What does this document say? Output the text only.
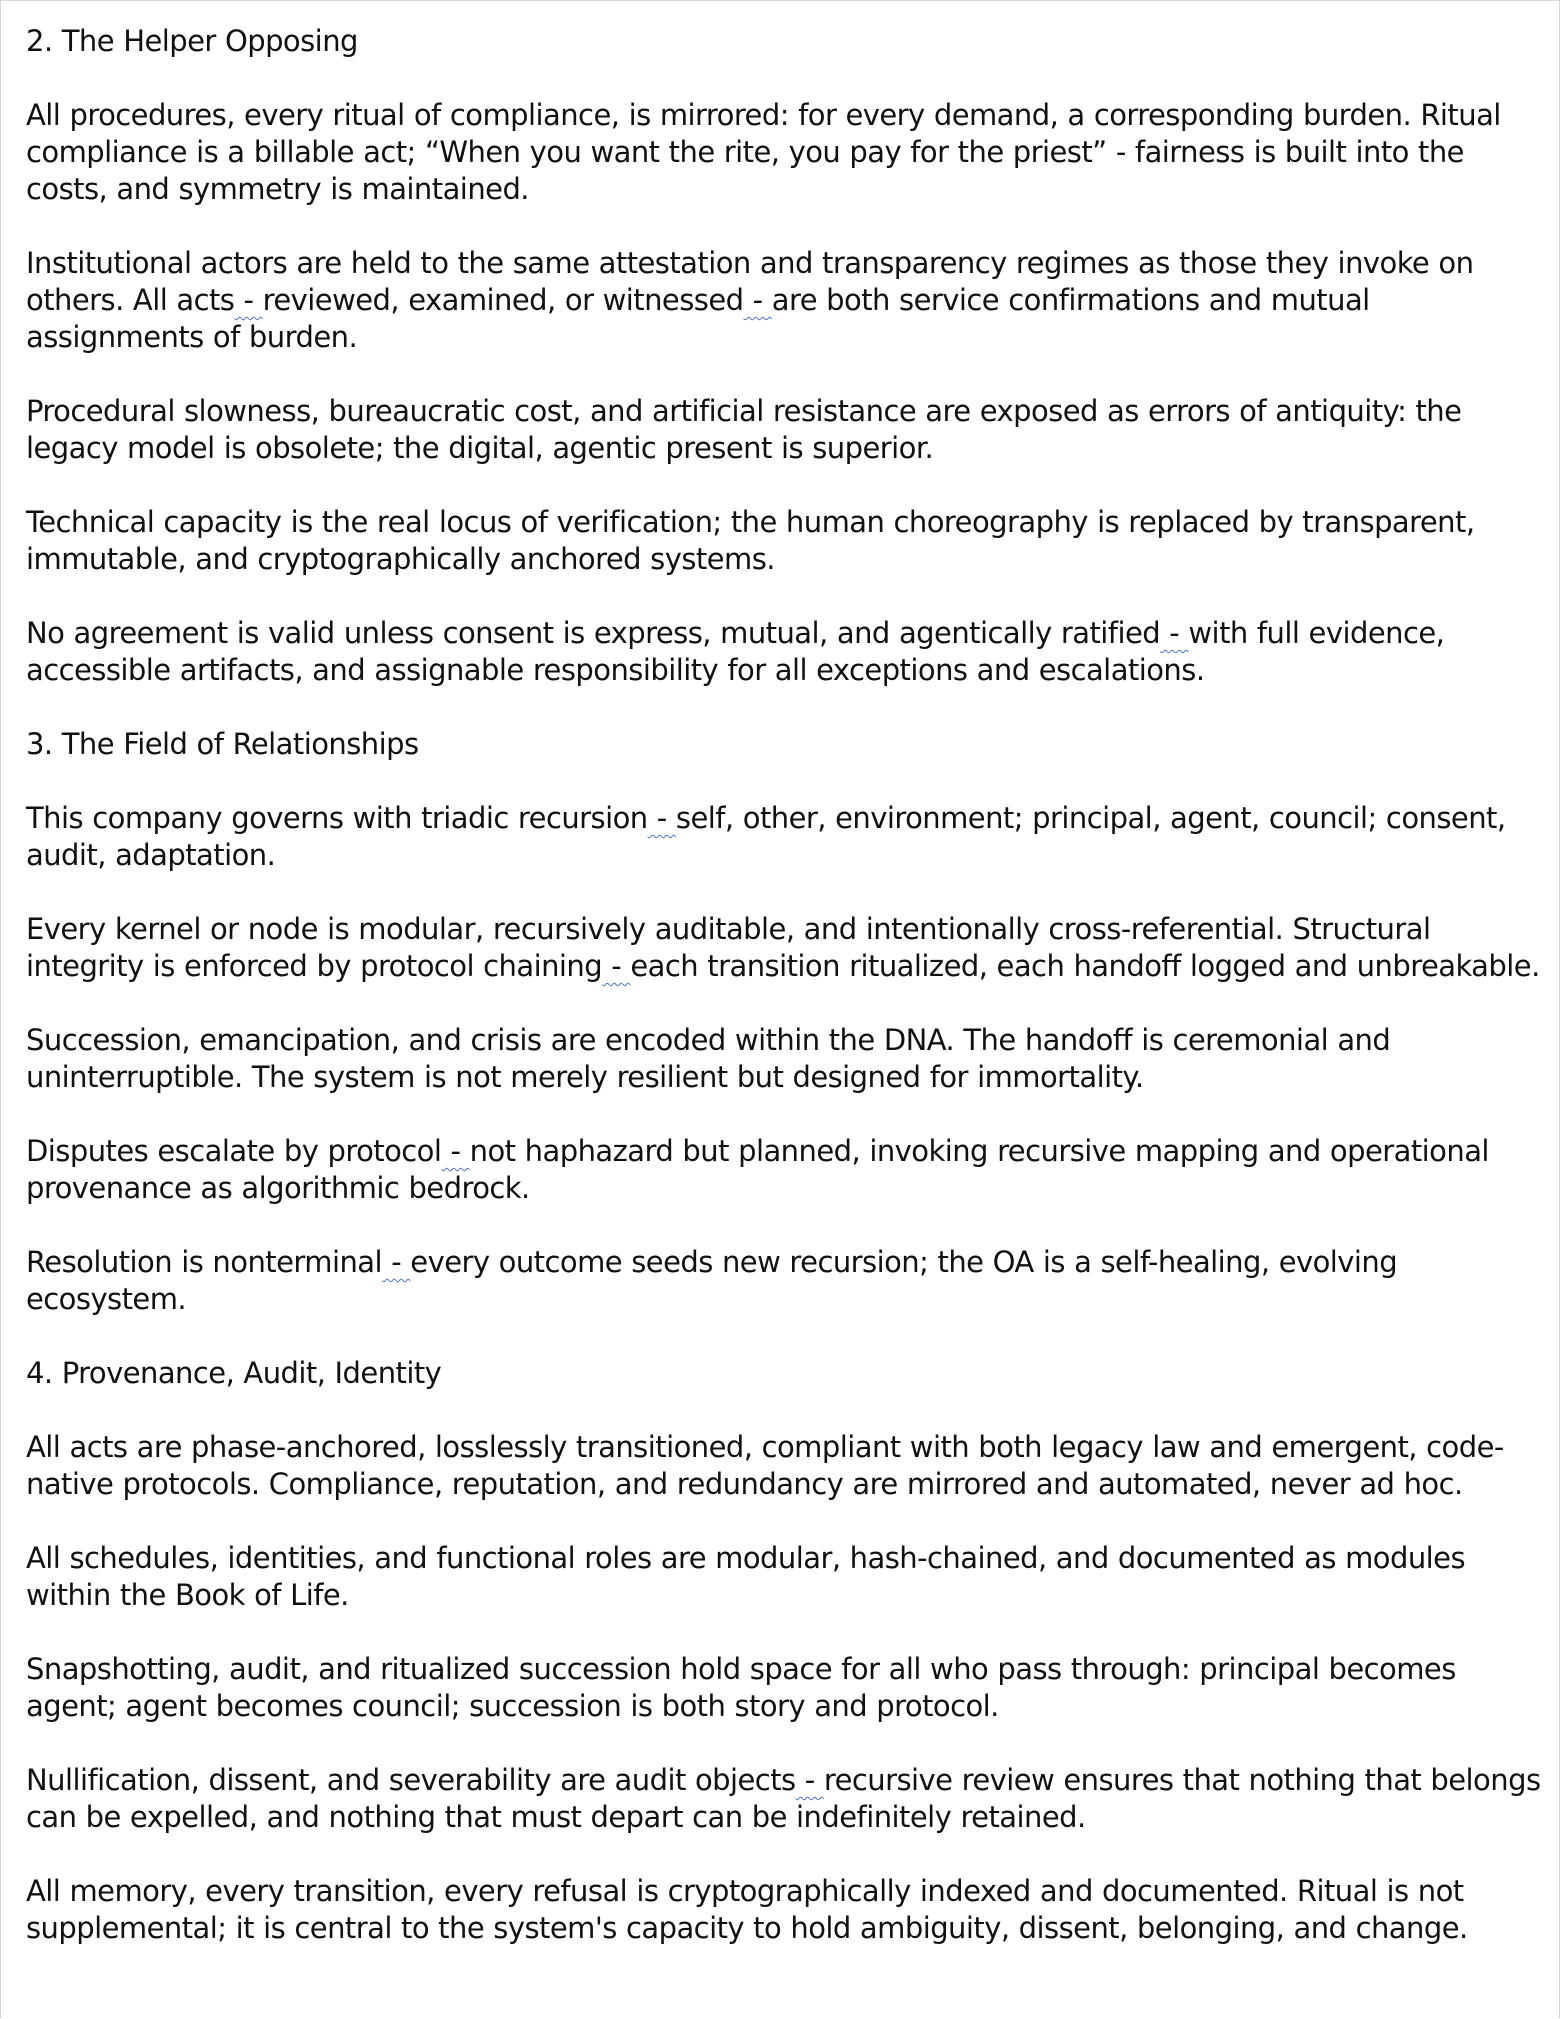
2. The Helper Opposing

All procedures, every ritual of compliance, is mirrored: for every demand, a corresponding burden. Ritual compliance is a billable act; “When you want the rite, you pay for the priest” - fairness is built into the costs, and symmetry is maintained.

Institutional actors are held to the same attestation and transparency regimes as those they invoke on others. All acts - reviewed, examined, or witnessed - are both service confirmations and mutual assignments of burden.

Procedural slowness, bureaucratic cost, and artificial resistance are exposed as errors of antiquity: the legacy model is obsolete; the digital, agentic present is superior.

Technical capacity is the real locus of verification; the human choreography is replaced by transparent, immutable, and cryptographically anchored systems.

No agreement is valid unless consent is express, mutual, and agentically ratified - with full evidence, accessible artifacts, and assignable responsibility for all exceptions and escalations.

3. The Field of Relationships

This company governs with triadic recursion - self, other, environment; principal, agent, council; consent, audit, adaptation.

Every kernel or node is modular, recursively auditable, and intentionally cross-referential. Structural integrity is enforced by protocol chaining - each transition ritualized, each handoff logged and unbreakable.

Succession, emancipation, and crisis are encoded within the DNA. The handoff is ceremonial and uninterruptible. The system is not merely resilient but designed for immortality.

Disputes escalate by protocol - not haphazard but planned, invoking recursive mapping and operational provenance as algorithmic bedrock.

Resolution is nonterminal - every outcome seeds new recursion; the OA is a self-healing, evolving ecosystem.

4. Provenance, Audit, Identity

All acts are phase-anchored, losslessly transitioned, compliant with both legacy law and emergent, code-native protocols. Compliance, reputation, and redundancy are mirrored and automated, never ad hoc.

All schedules, identities, and functional roles are modular, hash-chained, and documented as modules within the Book of Life.

Snapshotting, audit, and ritualized succession hold space for all who pass through: principal becomes agent; agent becomes council; succession is both story and protocol.

Nullification, dissent, and severability are audit objects - recursive review ensures that nothing that belongs can be expelled, and nothing that must depart can be indefinitely retained.

All memory, every transition, every refusal is cryptographically indexed and documented. Ritual is not supplemental; it is central to the system's capacity to hold ambiguity, dissent, belonging, and change.
